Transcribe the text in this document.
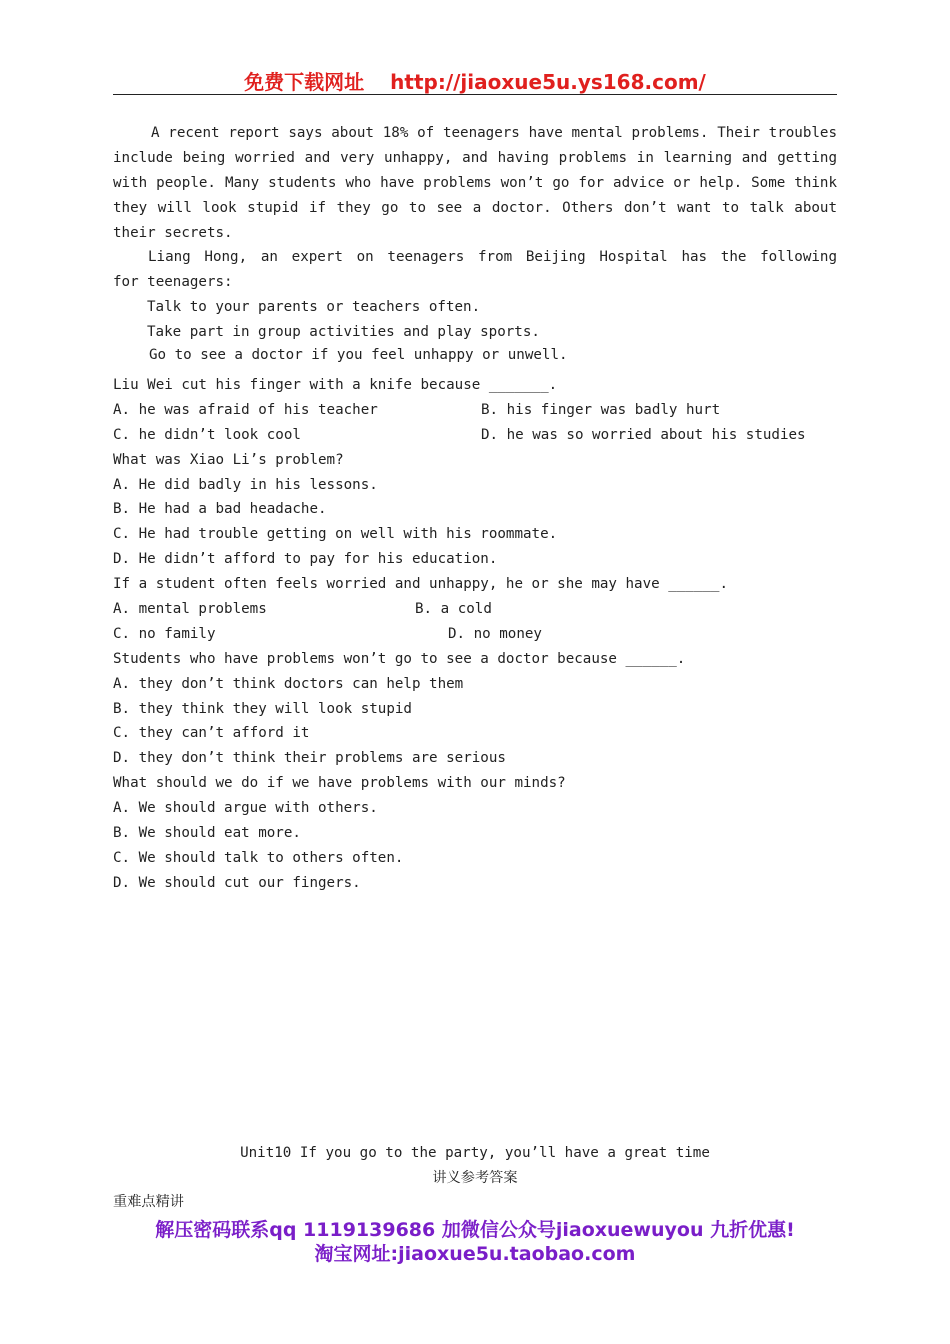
免费下载网址 http://jiaoxue5u.ys168.com/
A recent report says about 18% of teenagers have mental problems. Their troubles
include being worried and very unhappy, and having problems in learning and getting
with people. Many students who have problems won’t go for advice or help. Some think
they will look stupid if they go to see a doctor. Others don’t want to talk about
their secrets.
Liang Hong, an expert on teenagers from Beijing Hospital has the following
for teenagers:
Talk to your parents or teachers often.
Take part in group activities and play sports.
Go to see a doctor if you feel unhappy or unwell.
Liu Wei cut his finger with a knife because _______.
A. he was afraid of his teacher	B. his finger was badly hurt
C. he didn’t look cool	D. he was so worried about his studies
What was Xiao Li’s problem?
A. He did badly in his lessons.
B. He had a bad headache.
C. He had trouble getting on well with his roommate.
D. He didn’t afford to pay for his education.
If a student often feels worried and unhappy, he or she may have ______.
A. mental problems	B. a cold
C. no family	D. no money
Students who have problems won’t go to see a doctor because ______.
A. they don’t think doctors can help them
B. they think they will look stupid
C. they can’t afford it
D. they don’t think their problems are serious
What should we do if we have problems with our minds?
A. We should argue with others.
B. We should eat more.
C. We should talk to others often.
D. We should cut our fingers.
Unit10 If you go to the party, you’ll have a great time
讲义参考答案
重难点精讲
解压密码联系qq 1119139686 加微信公众号jiaoxuewuyou 九折优惠!
淘宝网址:jiaoxue5u.taobao.com
